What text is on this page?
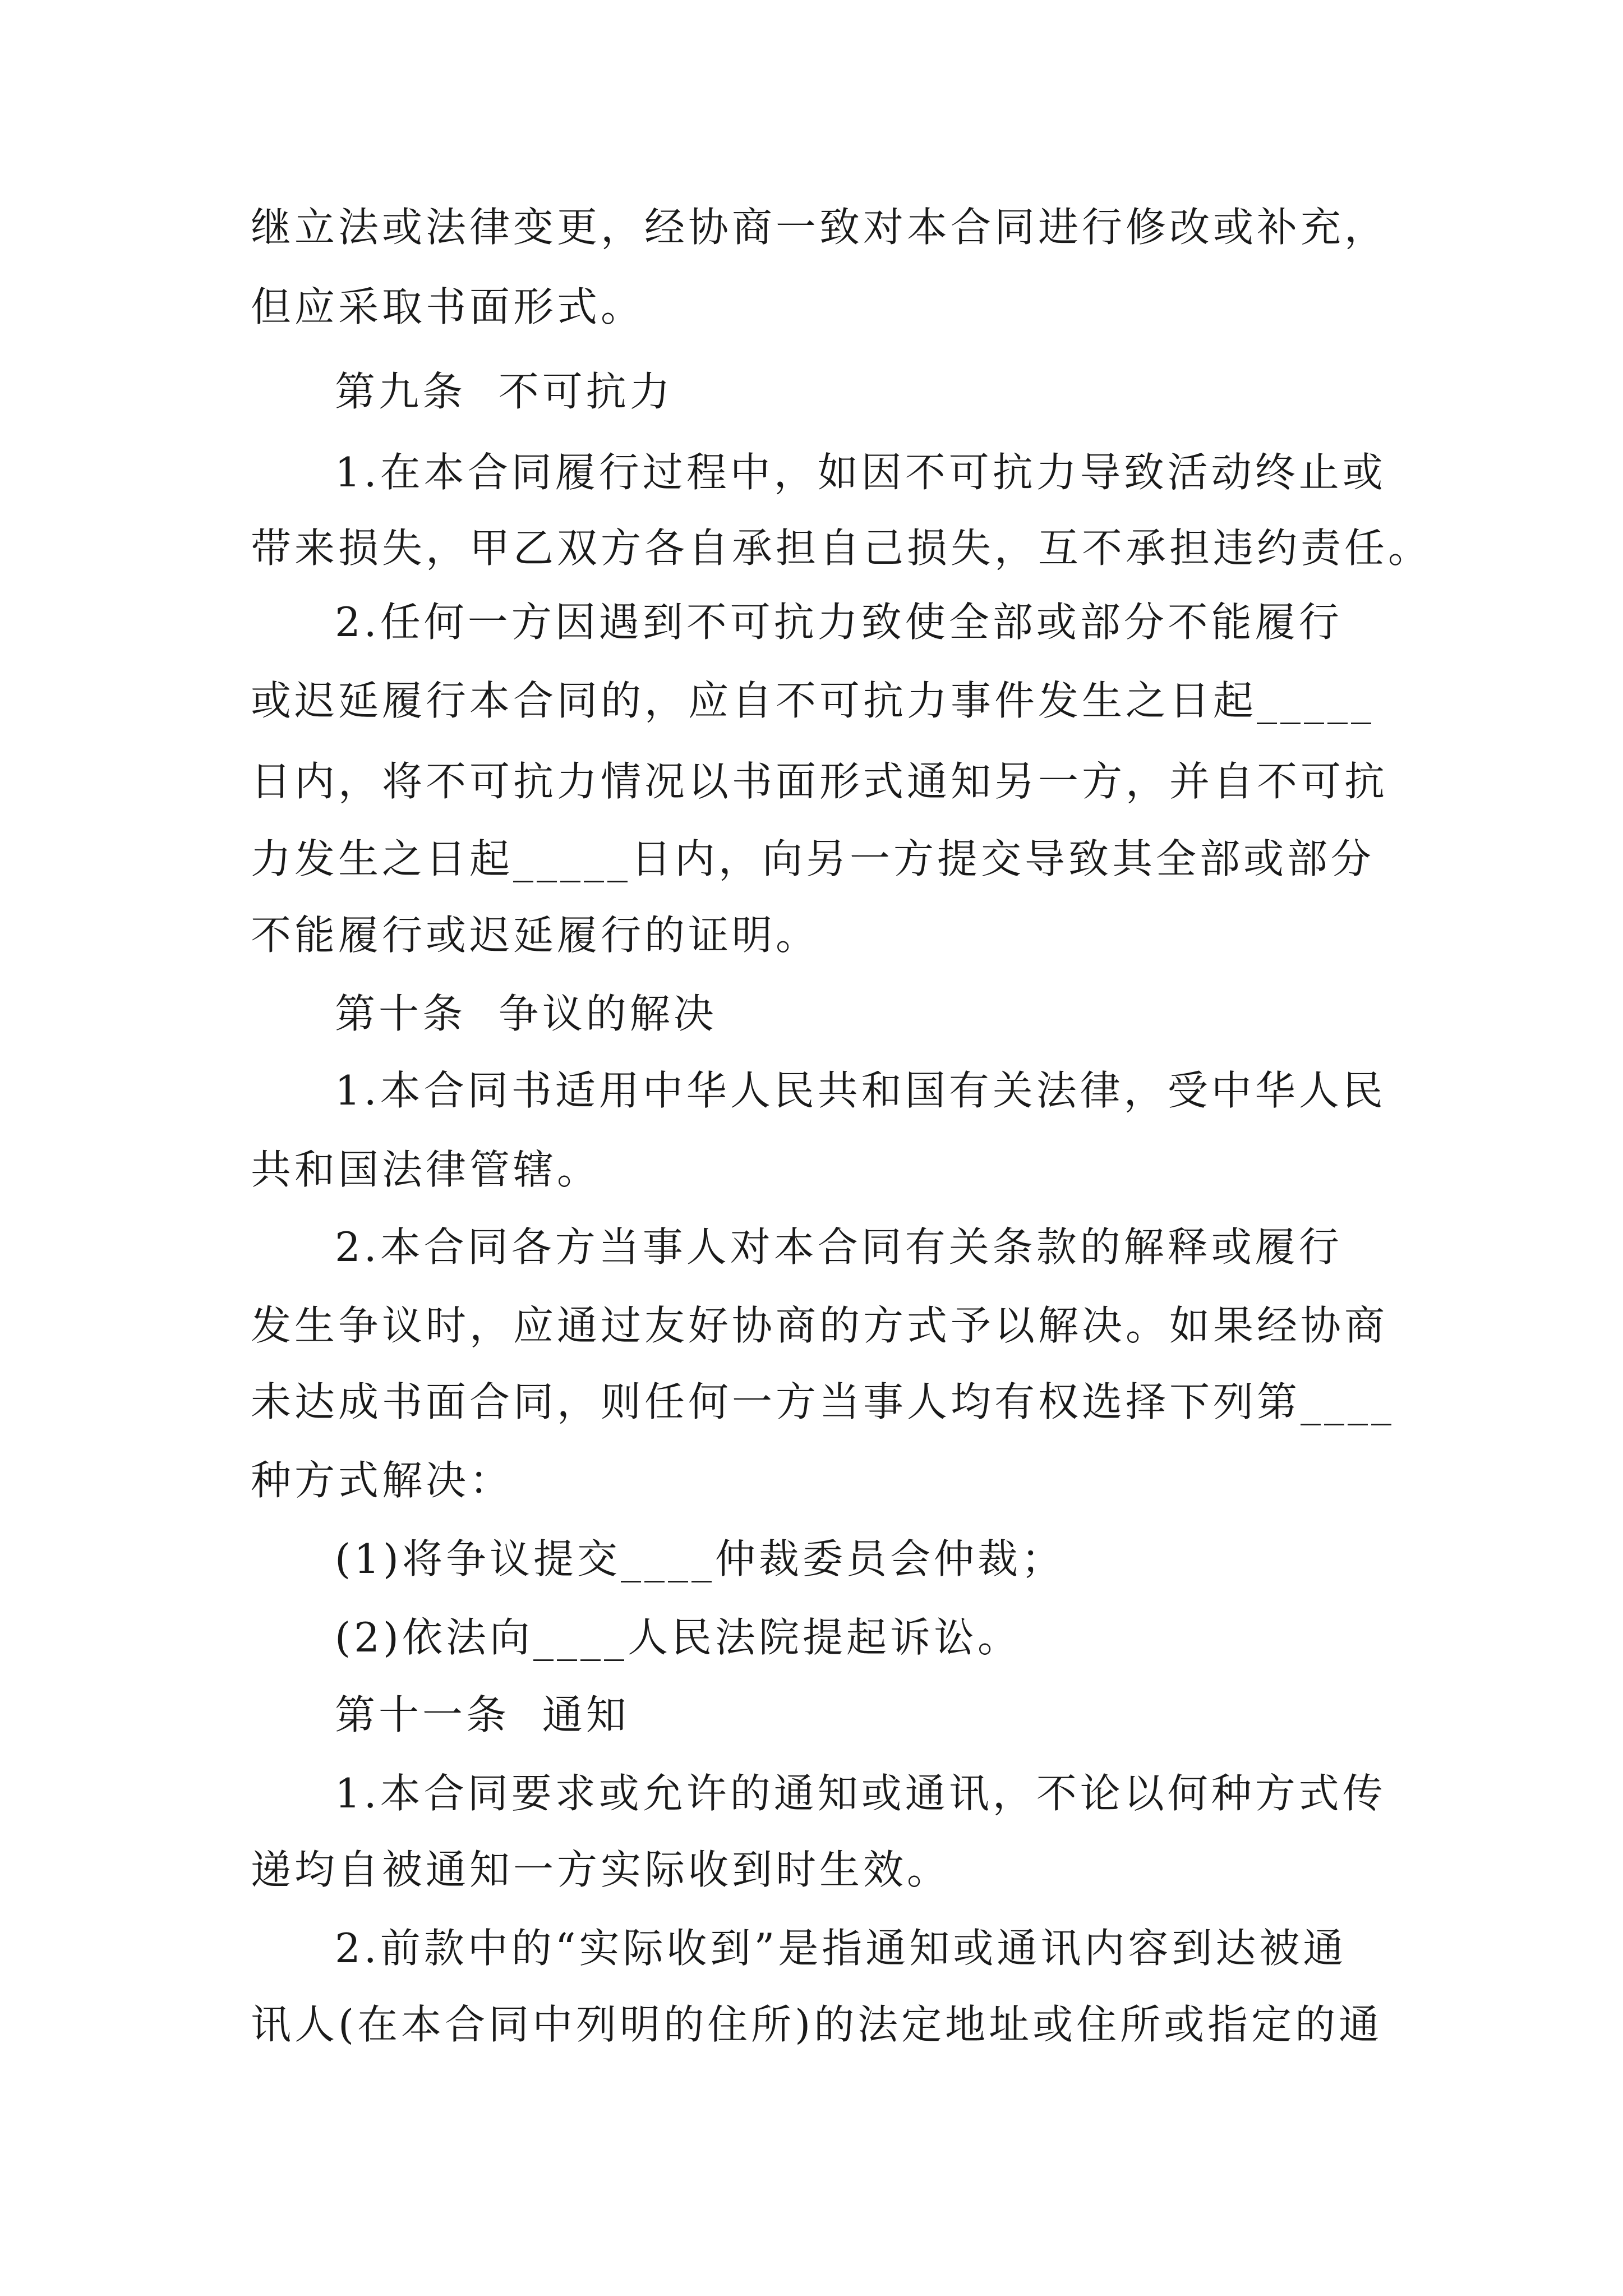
继立法或法律变更，经协商一致对本合同进行修改或补充，

但应采取书面形式。

第九条  不可抗力

1.在本合同履行过程中，如因不可抗力导致活动终止或

带来损失，甲乙双方各自承担自己损失，互不承担违约责任。

2.任何一方因遇到不可抗力致使全部或部分不能履行

或迟延履行本合同的，应自不可抗力事件发生之日起_____

日内，将不可抗力情况以书面形式通知另一方，并自不可抗

力发生之日起_____日内，向另一方提交导致其全部或部分

不能履行或迟延履行的证明。

第十条  争议的解决

1.本合同书适用中华人民共和国有关法律，受中华人民

共和国法律管辖。

2.本合同各方当事人对本合同有关条款的解释或履行

发生争议时，应通过友好协商的方式予以解决。如果经协商

未达成书面合同，则任何一方当事人均有权选择下列第____

种方式解决：

(1)将争议提交____仲裁委员会仲裁；

(2)依法向____人民法院提起诉讼。

第十一条  通知

1.本合同要求或允许的通知或通讯，不论以何种方式传

递均自被通知一方实际收到时生效。

2.前款中的“实际收到”是指通知或通讯内容到达被通

讯人(在本合同中列明的住所)的法定地址或住所或指定的通
